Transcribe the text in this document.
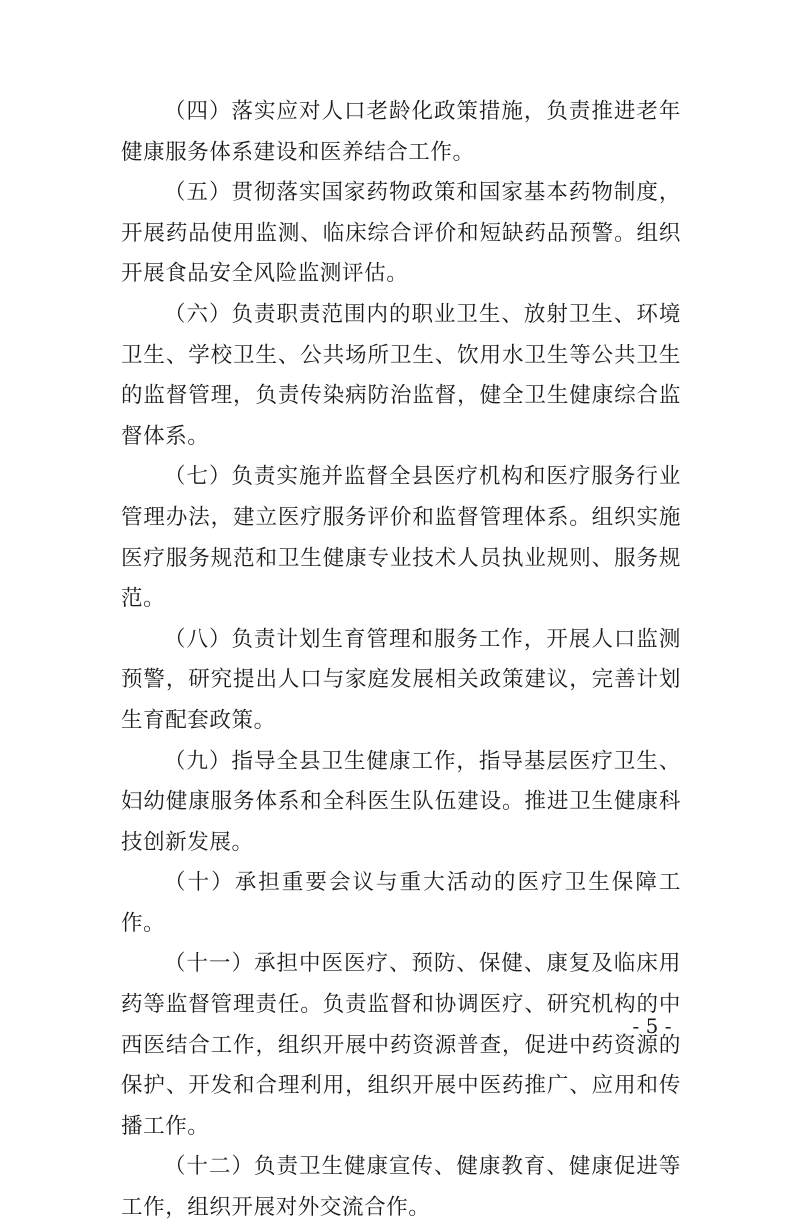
（四）落实应对人口老龄化政策措施，负责推进老年健康服务体系建设和医养结合工作。

（五）贯彻落实国家药物政策和国家基本药物制度，开展药品使用监测、临床综合评价和短缺药品预警。组织开展食品安全风险监测评估。

（六）负责职责范围内的职业卫生、放射卫生、环境卫生、学校卫生、公共场所卫生、饮用水卫生等公共卫生的监督管理，负责传染病防治监督，健全卫生健康综合监督体系。

（七）负责实施并监督全县医疗机构和医疗服务行业管理办法，建立医疗服务评价和监督管理体系。组织实施医疗服务规范和卫生健康专业技术人员执业规则、服务规范。

（八）负责计划生育管理和服务工作，开展人口监测预警，研究提出人口与家庭发展相关政策建议，完善计划生育配套政策。

（九）指导全县卫生健康工作，指导基层医疗卫生、妇幼健康服务体系和全科医生队伍建设。推进卫生健康科技创新发展。

（十）承担重要会议与重大活动的医疗卫生保障工作。

（十一）承担中医医疗、预防、保健、康复及临床用药等监督管理责任。负责监督和协调医疗、研究机构的中西医结合工作，组织开展中药资源普查，促进中药资源的保护、开发和合理利用，组织开展中医药推广、应用和传播工作。

（十二）负责卫生健康宣传、健康教育、健康促进等工作，组织开展对外交流合作。

- 5 -
